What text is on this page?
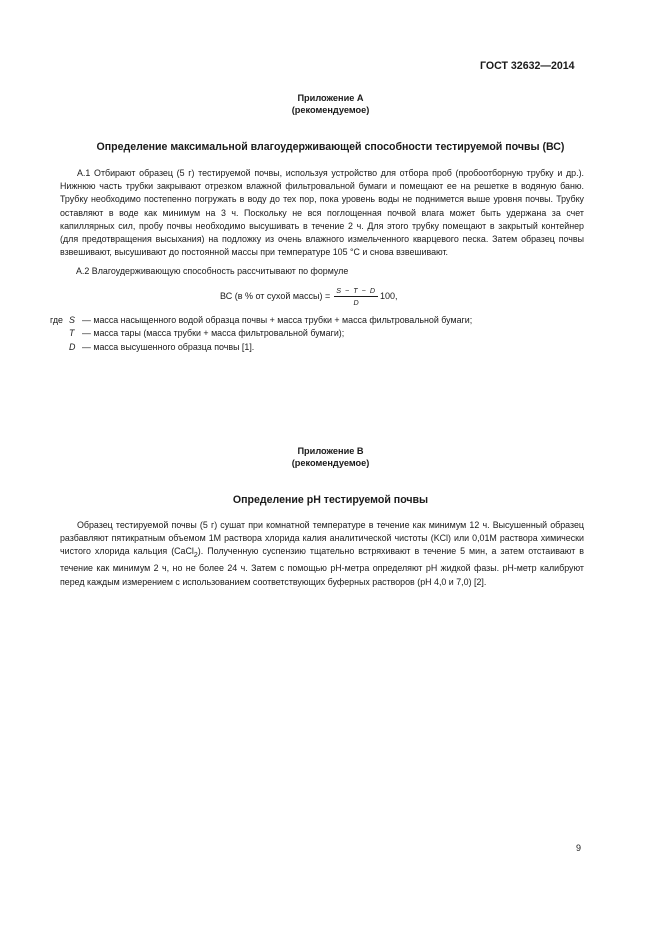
ГОСТ 32632—2014
Приложение А
(рекомендуемое)
Определение максимальной влагоудерживающей способности тестируемой почвы (ВС)

А.1 Отбирают образец (5 г) тестируемой почвы, используя устройство для отбора проб (пробоотборную трубку и др.). Нижнюю часть трубки закрывают отрезком влажной фильтровальной бумаги и помещают ее на решетке в водяную баню. Трубку необходимо постепенно погружать в воду до тех пор, пока уровень воды не поднимется выше уровня почвы. Трубку оставляют в воде как минимум на 3 ч. Поскольку не вся поглощенная почвой влага может быть удержана за счет капиллярных сил, пробу почвы необходимо высушивать в течение 2 ч. Для этого трубку помещают в закрытый контейнер (для предотвращения высыхания) на подложку из очень влажного измельченного кварцевого песка. Затем образец почвы взвешивают, высушивают до постоянной массы при температуре 105 °С и снова взвешивают.

А.2 Влагоудерживающую способность рассчитывают по формуле
ВС (в % от сухой массы) = $\frac{S - T - D}{D} 100$,
где S — масса насыщенного водой образца почвы + масса трубки + масса фильтровальной бумаги;
T — масса тары (масса трубки + масса фильтровальной бумаги);
D — масса высушенного образца почвы [1].
Приложение В
(рекомендуемое)
Определение pH тестируемой почвы

Образец тестируемой почвы (5 г) сушат при комнатной температуре в течение как минимум 12 ч. Высушенный образец разбавляют пятикратным объемом 1М раствора хлорида калия аналитической чистоты (KCl) или 0,01М раствора химически чистого хлорида кальция (CaCl$_2$). Полученную суспензию тщательно встряхивают в течение 5 мин, а затем отстаивают в течение как минимум 2 ч, но не более 24 ч. Затем с помощью pH-метра определяют pH жидкой фазы. pH-метр калибруют перед каждым измерением с использованием соответствующих буферных растворов (pH 4,0 и 7,0) [2].

9
